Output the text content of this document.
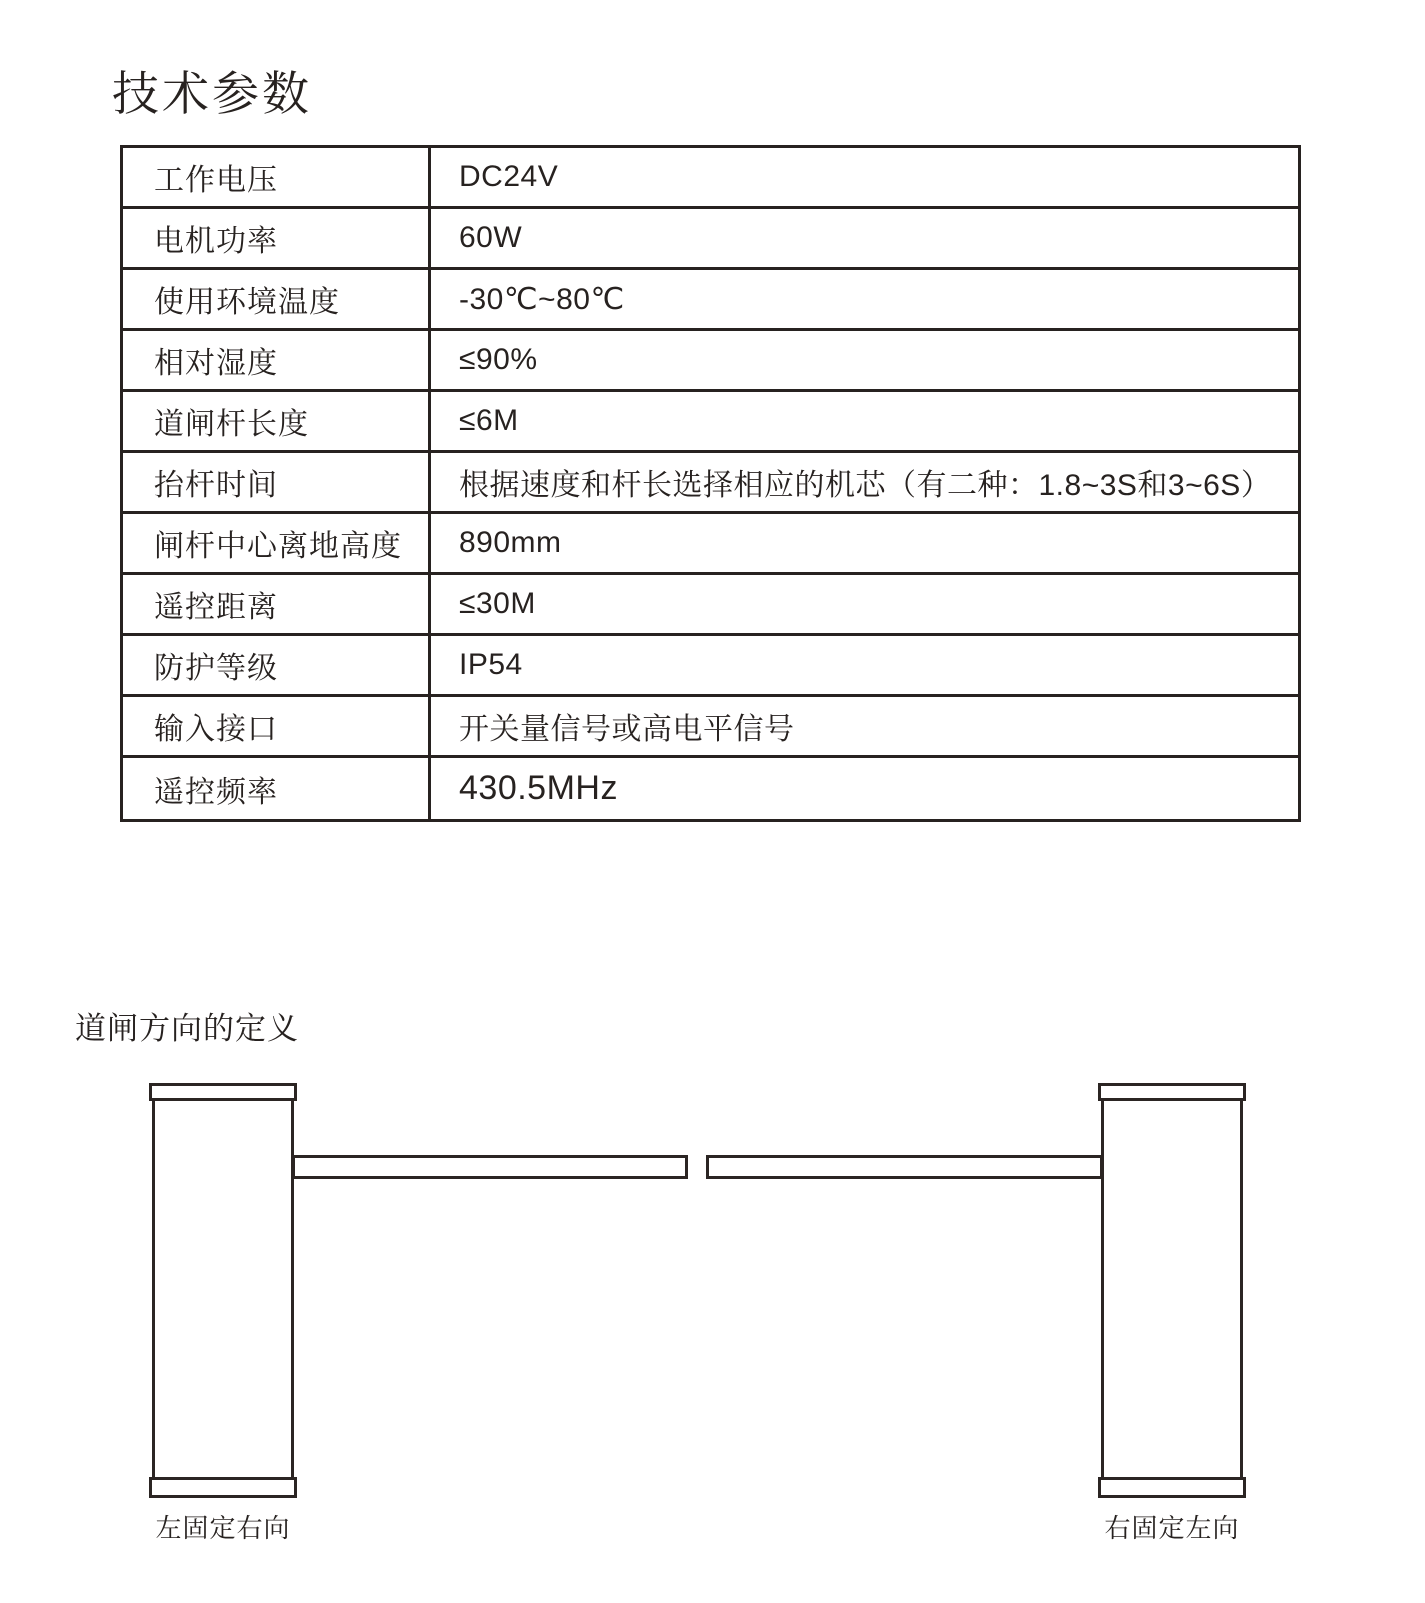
技术参数
工作电压	DC24V
电机功率	60W
使用环境温度	-30℃~80℃
相对湿度	≤90%
道闸杆长度	≤6M
抬杆时间	根据速度和杆长选择相应的机芯（有二种：1.8~3S和3~6S）
闸杆中心离地高度	890mm
遥控距离	≤30M
防护等级	IP54
输入接口	开关量信号或高电平信号
遥控频率	430.5MHz
道闸方向的定义
左固定右向	右固定左向
